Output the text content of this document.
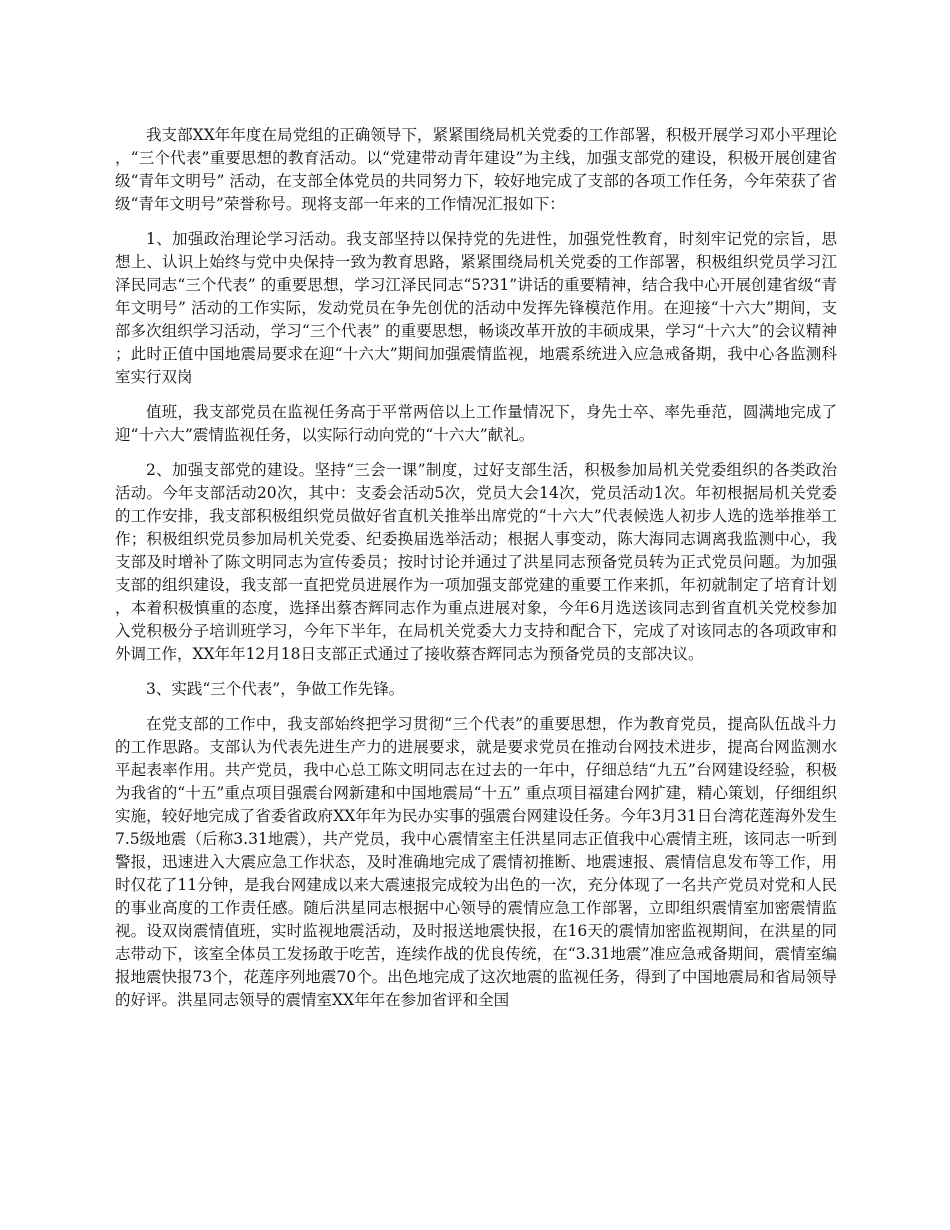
我支部XX年年度在局党组的正确领导下，紧紧围绕局机关党委的工作部署，积极开展学习邓小平理论，“三个代表”重要思想的教育活动。以“党建带动青年建设”为主线，加强支部党的建设，积极开展创建省级“青年文明号” 活动，在支部全体党员的共同努力下，较好地完成了支部的各项工作任务，今年荣获了省级“青年文明号”荣誉称号。现将支部一年来的工作情况汇报如下：

1、加强政治理论学习活动。我支部坚持以保持党的先进性，加强党性教育，时刻牢记党的宗旨，思想上、认识上始终与党中央保持一致为教育思路，紧紧围绕局机关党委的工作部署，积极组织党员学习江泽民同志“三个代表” 的重要思想，学习江泽民同志“5?31”讲话的重要精神，结合我中心开展创建省级“青年文明号” 活动的工作实际，发动党员在争先创优的活动中发挥先锋模范作用。在迎接“十六大”期间，支部多次组织学习活动，学习“三个代表” 的重要思想，畅谈改革开放的丰硕成果，学习“十六大”的会议精神；此时正值中国地震局要求在迎“十六大”期间加强震情监视，地震系统进入应急戒备期，我中心各监测科室实行双岗

值班，我支部党员在监视任务高于平常两倍以上工作量情况下，身先士卒、率先垂范，圆满地完成了迎“十六大”震情监视任务，以实际行动向党的“十六大”献礼。

2、加强支部党的建设。坚持“三会一课”制度，过好支部生活，积极参加局机关党委组织的各类政治活动。今年支部活动20次，其中：支委会活动5次，党员大会14次，党员活动1次。年初根据局机关党委的工作安排，我支部积极组织党员做好省直机关推举出席党的“十六大”代表候选人初步人选的选举推举工作；积极组织党员参加局机关党委、纪委换届选举活动；根据人事变动，陈大海同志调离我监测中心，我支部及时增补了陈文明同志为宣传委员；按时讨论并通过了洪星同志预备党员转为正式党员问题。为加强支部的组织建设，我支部一直把党员进展作为一项加强支部党建的重要工作来抓，年初就制定了培育计划，本着积极慎重的态度，选择出蔡杏辉同志作为重点进展对象，今年6月选送该同志到省直机关党校参加入党积极分子培训班学习，今年下半年，在局机关党委大力支持和配合下，完成了对该同志的各项政审和外调工作，XX年年12月18日支部正式通过了接收蔡杏辉同志为预备党员的支部决议。

3、实践“三个代表”，争做工作先锋。

在党支部的工作中，我支部始终把学习贯彻“三个代表”的重要思想，作为教育党员，提高队伍战斗力的工作思路。支部认为代表先进生产力的进展要求，就是要求党员在推动台网技术进步，提高台网监测水平起表率作用。共产党员，我中心总工陈文明同志在过去的一年中，仔细总结“九五”台网建设经验，积极为我省的“十五”重点项目强震台网新建和中国地震局“十五” 重点项目福建台网扩建，精心策划，仔细组织实施，较好地完成了省委省政府XX年年为民办实事的强震台网建设任务。今年3月31日台湾花莲海外发生7.5级地震（后称3.31地震），共产党员，我中心震情室主任洪星同志正值我中心震情主班，该同志一听到警报，迅速进入大震应急工作状态，及时准确地完成了震情初推断、地震速报、震情信息发布等工作，用时仅花了11分钟，是我台网建成以来大震速报完成较为出色的一次，充分体现了一名共产党员对党和人民的事业高度的工作责任感。随后洪星同志根据中心领导的震情应急工作部署，立即组织震情室加密震情监视。设双岗震情值班，实时监视地震活动，及时报送地震快报，在16天的震情加密监视期间，在洪星的同志带动下，该室全体员工发扬敢于吃苦，连续作战的优良传统，在“3.31地震”准应急戒备期间，震情室编报地震快报73个，花莲序列地震70个。出色地完成了这次地震的监视任务，得到了中国地震局和省局领导的好评。洪星同志领导的震情室XX年年在参加省评和全国
